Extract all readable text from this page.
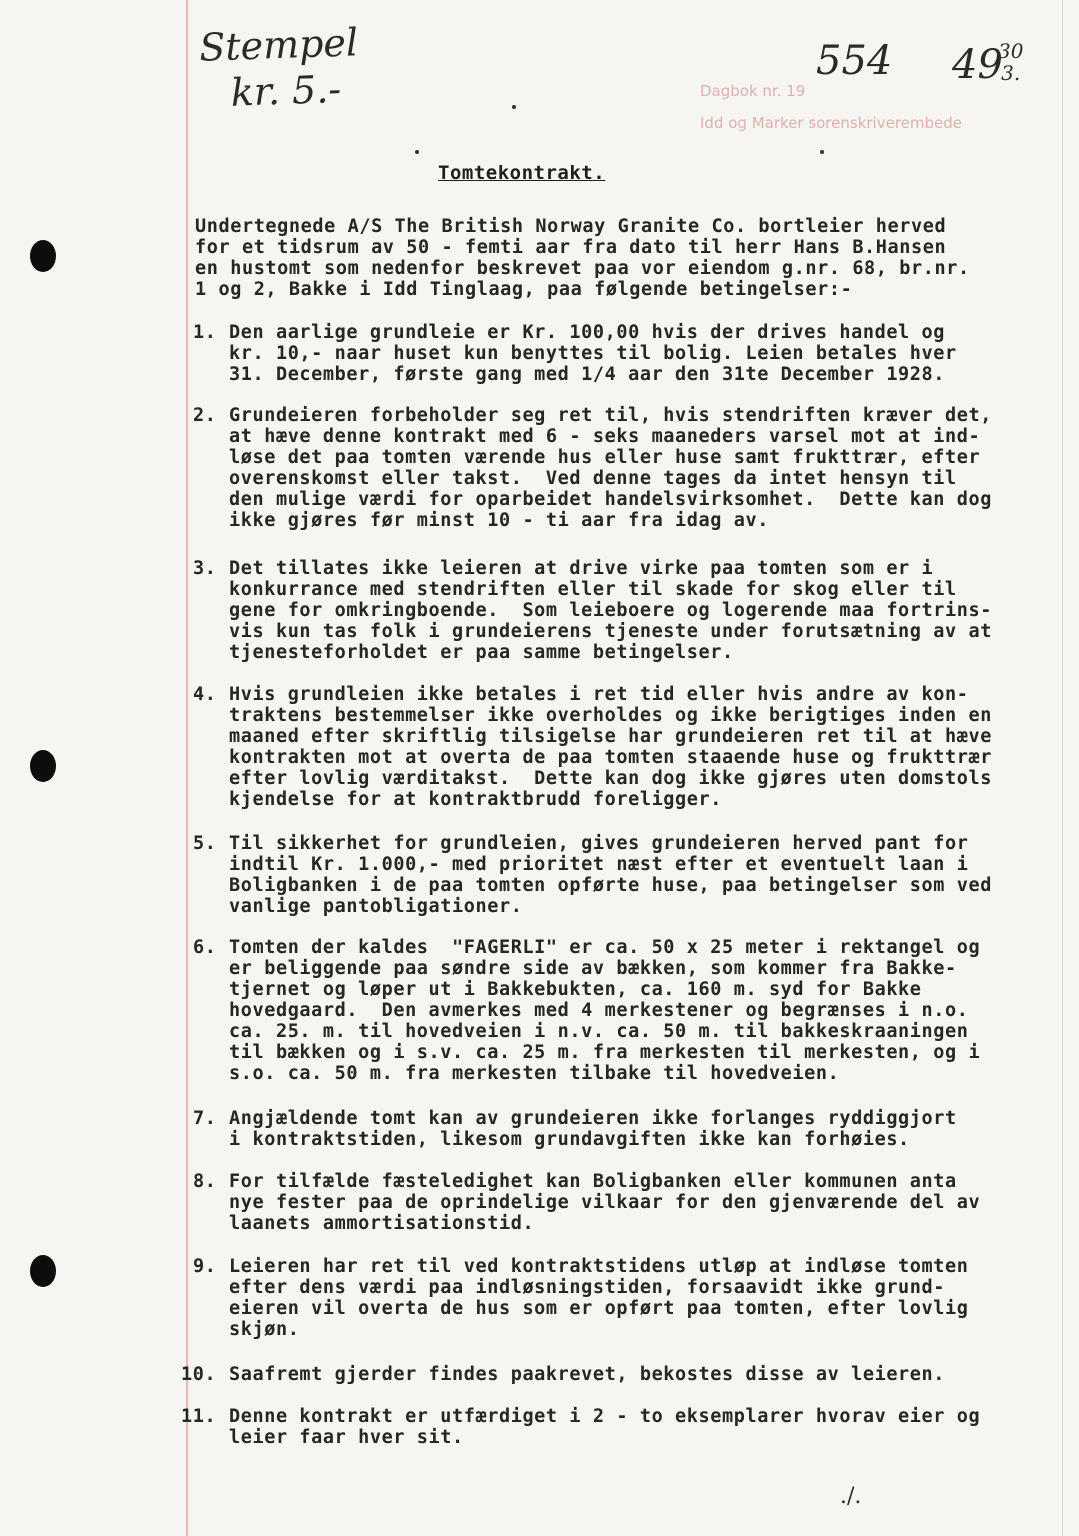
Stempel
kr. 5.-	Dagbok nr. 19
Idd og Marker sorenskriverembede
554 49
30
3.
Tomtekontrakt.
Undertegnede A/S The British Norway Granite Co. bortleier herved
for et tidsrum av 50 - femti aar fra dato til herr Hans B.Hansen
en hustomt som nedenfor beskrevet paa vor eiendom g.nr. 68, br.nr.
1 og 2, Bakke i Idd Tinglaag, paa følgende betingelser:-

1.

Den aarlige grundleie er Kr. 100,00 hvis der drives handel og
kr. 10,- naar huset kun benyttes til bolig. Leien betales hver
31. December, første gang med 1/4 aar den 31te December 1928.

2.

Grundeieren forbeholder seg ret til, hvis stendriften kræver det,
at hæve denne kontrakt med 6 - seks maaneders varsel mot at ind-
løse det paa tomten værende hus eller huse samt frukttrær, efter
overenskomst eller takst.  Ved denne tages da intet hensyn til
den mulige værdi for oparbeidet handelsvirksomhet.  Dette kan dog
ikke gjøres før minst 10 - ti aar fra idag av.

3.

Det tillates ikke leieren at drive virke paa tomten som er i
konkurrance med stendriften eller til skade for skog eller til
gene for omkringboende.  Som leieboere og logerende maa fortrins-
vis kun tas folk i grundeierens tjeneste under forutsætning av at
tjenesteforholdet er paa samme betingelser.

4.

Hvis grundleien ikke betales i ret tid eller hvis andre av kon-
traktens bestemmelser ikke overholdes og ikke berigtiges inden en
maaned efter skriftlig tilsigelse har grundeieren ret til at hæve
kontrakten mot at overta de paa tomten staaende huse og frukttrær
efter lovlig værditakst.  Dette kan dog ikke gjøres uten domstols
kjendelse for at kontraktbrudd foreligger.

5.

Til sikkerhet for grundleien, gives grundeieren herved pant for
indtil Kr. 1.000,- med prioritet næst efter et eventuelt laan i
Boligbanken i de paa tomten opførte huse, paa betingelser som ved
vanlige pantobligationer.

6.

Tomten der kaldes  "FAGERLI" er ca. 50 x 25 meter i rektangel og
er beliggende paa søndre side av bækken, som kommer fra Bakke-
tjernet og løper ut i Bakkebukten, ca. 160 m. syd for Bakke
hovedgaard.  Den avmerkes med 4 merkestener og begrænses i n.o.
ca. 25. m. til hovedveien i n.v. ca. 50 m. til bakkeskraaningen
til bækken og i s.v. ca. 25 m. fra merkesten til merkesten, og i
s.o. ca. 50 m. fra merkesten tilbake til hovedveien.

7.

Angjældende tomt kan av grundeieren ikke forlanges ryddiggjort
i kontraktstiden, likesom grundavgiften ikke kan forhøies.

8.

For tilfælde fæsteledighet kan Boligbanken eller kommunen anta
nye fester paa de oprindelige vilkaar for den gjenværende del av
laanets ammortisationstid.

9.

Leieren har ret til ved kontraktstidens utløp at indløse tomten
efter dens værdi paa indløsningstiden, forsaavidt ikke grund-
eieren vil overta de hus som er opført paa tomten, efter lovlig
skjøn.

10.

Saafremt gjerder findes paakrevet, bekostes disse av leieren.

11.

Denne kontrakt er utfærdiget i 2 - to eksemplarer hvorav eier og
leier faar hver sit.

./.
